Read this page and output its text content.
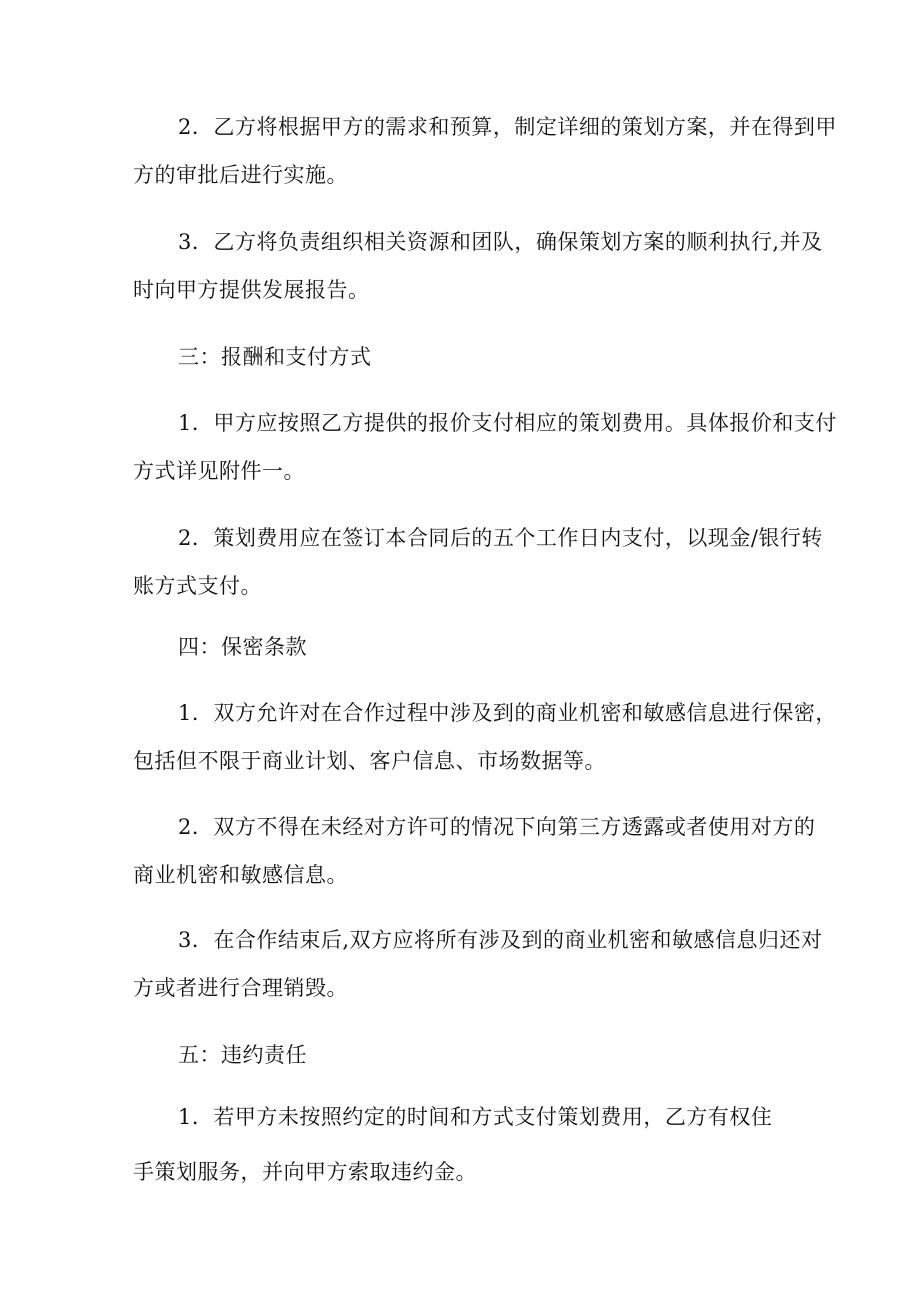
2．乙方将根据甲方的需求和预算，制定详细的策划方案，并在得到甲
方的审批后进行实施。
3．乙方将负责组织相关资源和团队，确保策划方案的顺利执行,并及
时向甲方提供发展报告。
三：报酬和支付方式
1．甲方应按照乙方提供的报价支付相应的策划费用。具体报价和支付
方式详见附件一。
2．策划费用应在签订本合同后的五个工作日内支付，以现金/银行转
账方式支付。
四：保密条款
1．双方允许对在合作过程中涉及到的商业机密和敏感信息进行保密，
包括但不限于商业计划、客户信息、市场数据等。
2．双方不得在未经对方许可的情况下向第三方透露或者使用对方的
商业机密和敏感信息。
3．在合作结束后,双方应将所有涉及到的商业机密和敏感信息归还对
方或者进行合理销毁。
五：违约责任
1．若甲方未按照约定的时间和方式支付策划费用，乙方有权住
手策划服务，并向甲方索取违约金。
